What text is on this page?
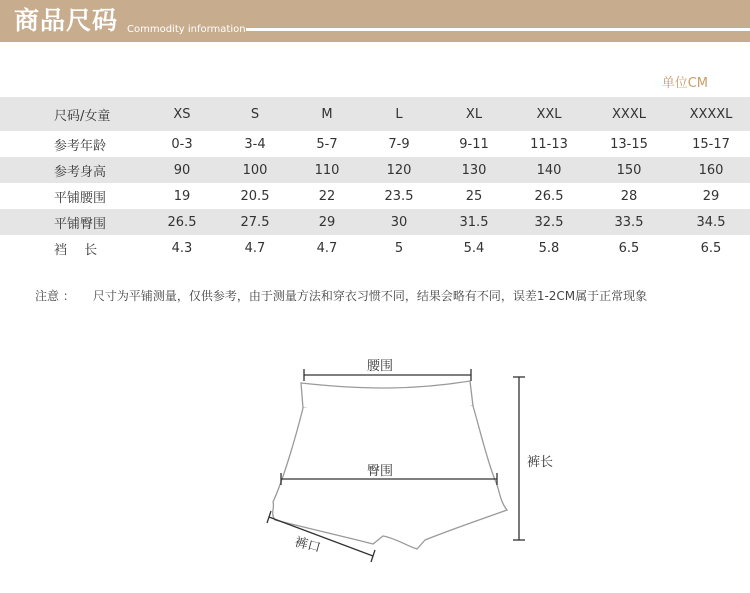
商品尺码 Commodity information
单位CM
尺码/女童	XS	S	M	L	XL	XXL	XXXL	XXXXL
参考年龄	0-3	3-4	5-7	7-9	9-11	11-13	13-15	15-17
参考身高	90	100	110	120	130	140	150	160
平铺腰围	19	20.5	22	23.5	25	26.5	28	29
平铺臀围	26.5	27.5	29	30	31.5	32.5	33.5	34.5
裆　 长	4.3	4.7	4.7	5	5.4	5.8	6.5	6.5
注意 ： 尺寸为平铺测量，仅供参考，由于测量方法和穿衣习惯不同，结果会略有不同，误差1-2CM属于正常现象
腰围
臀围
裤长
裤口
